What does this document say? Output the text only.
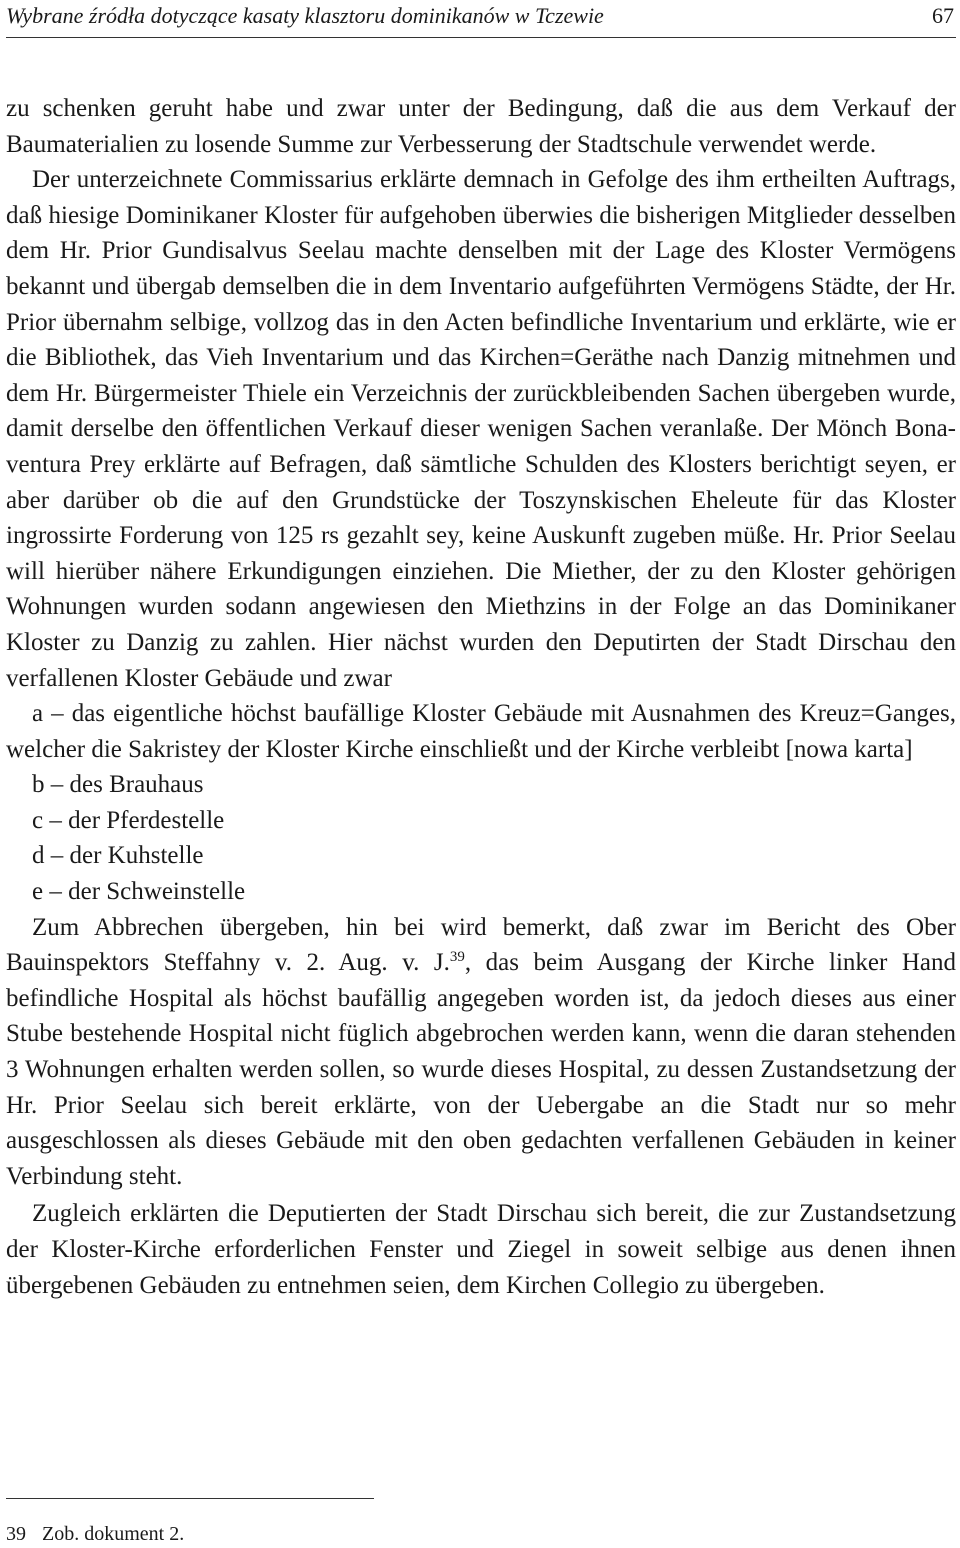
Wybrane źródła dotyczące kasaty klasztoru dominikanów w Tczewie	67

zu schenken geruht habe und zwar unter der Bedingung, daß die aus dem Verkauf der Baumaterialien zu losende Summe zur Verbesserung der Stadtschule verwendet werde.

Der unterzeichnete Commissarius erklärte demnach in Gefolge des ihm ertheilten Auftrags, daß hiesige Dominikaner Kloster für aufgehoben überwies die bisherigen Mitglieder desselben dem Hr. Prior Gundisalvus Seelau machte denselben mit der Lage des Kloster Vermögens bekannt und übergab demselben die in dem Inventario aufgeführten Vermögens Städte, der Hr. Prior übernahm selbige, vollzog das in den Acten befindliche Inventarium und erklärte, wie er die Bibliothek, das Vieh Inventarium und das Kirchen=Geräthe nach Danzig mitnehmen und dem Hr. Bürgermeister Thiele ein Verzeichnis der zurückbleibenden Sachen übergeben wurde, damit derselbe den öffentlichen Verkauf dieser wenigen Sachen veranlaße. Der Mönch Bonaventura Prey erklärte auf Befragen, daß sämtliche Schulden des Klosters berichtigt seyen, er aber darüber ob die auf den Grundstücke der Toszynskischen Eheleute für das Kloster ingrossirte Forderung von 125 rs gezahlt sey, keine Auskunft zugeben müße. Hr. Prior Seelau will hierüber nähere Erkundigungen einziehen. Die Miether, der zu den Kloster gehörigen Wohnungen wurden sodann angewiesen den Miethzins in der Folge an das Dominikaner Kloster zu Danzig zu zahlen. Hier nächst wurden den Deputirten der Stadt Dirschau den verfallenen Kloster Gebäude und zwar

a – das eigentliche höchst baufällige Kloster Gebäude mit Ausnahmen des Kreuz=Ganges, welcher die Sakristey der Kloster Kirche einschließt und der Kirche verbleibt [nowa karta]

b – des Brauhaus

c – der Pferdestelle

d – der Kuhstelle

e – der Schweinstelle

Zum Abbrechen übergeben, hin bei wird bemerkt, daß zwar im Bericht des Ober Bauinspektors Steffahny v. 2. Aug. v. J.$^{39}$, das beim Ausgang der Kirche linker Hand befindliche Hospital als höchst baufällig angegeben worden ist, da jedoch dieses aus einer Stube bestehende Hospital nicht füglich abgebrochen werden kann, wenn die daran stehenden 3 Wohnungen erhalten werden sollen, so wurde dieses Hospital, zu dessen Zustandsetzung der Hr. Prior Seelau sich bereit erklärte, von der Uebergabe an die Stadt nur so mehr ausgeschlossen als dieses Gebäude mit den oben gedachten verfallenen Gebäuden in keiner Verbindung steht.

Zugleich erklärten die Deputierten der Stadt Dirschau sich bereit, die zur Zustandsetzung der Kloster-Kirche erforderlichen Fenster und Ziegel in soweit selbige aus denen ihnen übergebenen Gebäuden zu entnehmen seien, dem Kirchen Collegio zu übergeben.

39 Zob. dokument 2.
